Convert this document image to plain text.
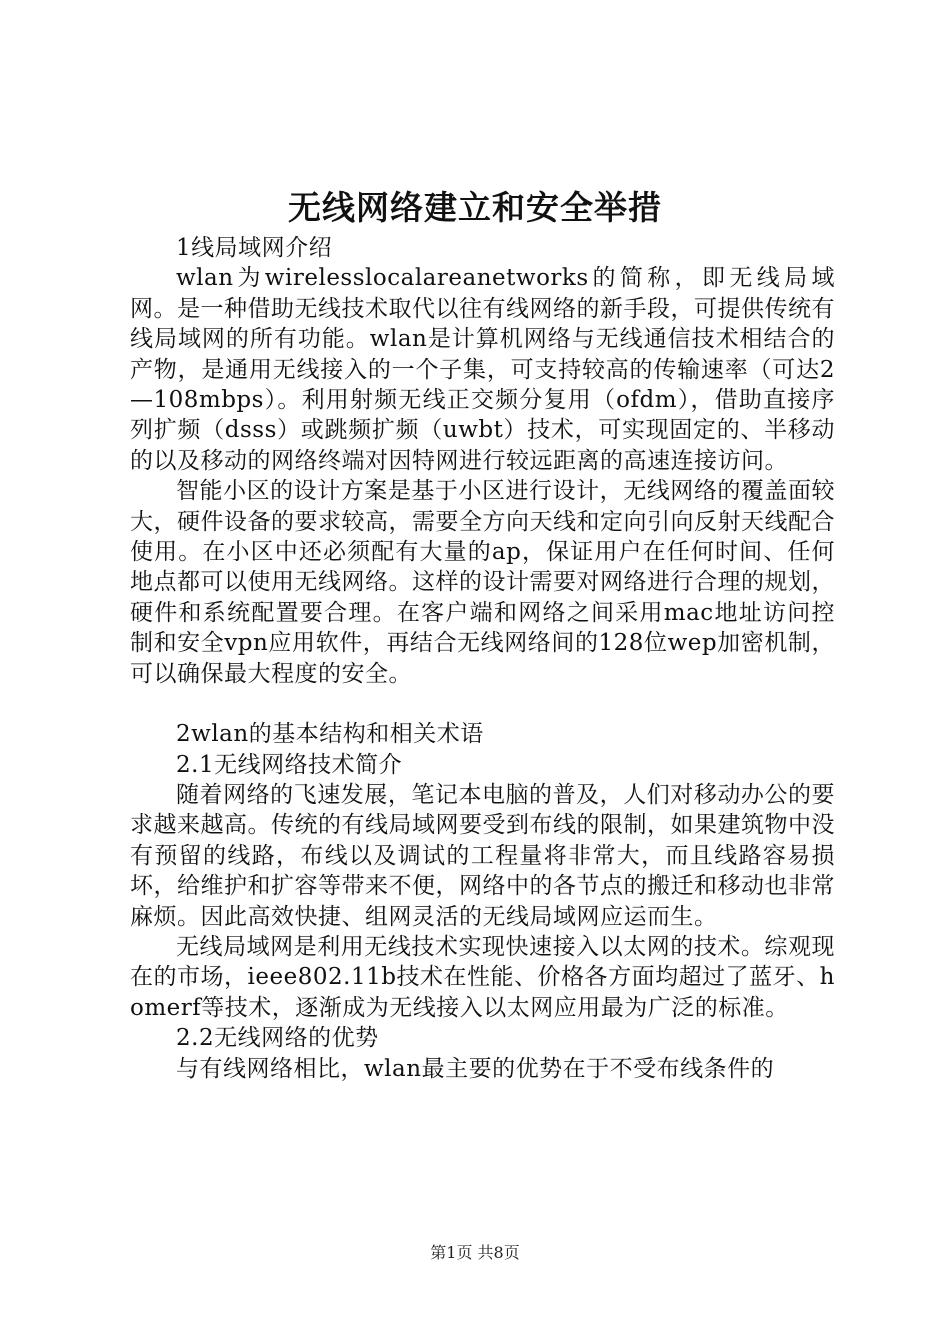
无线网络建立和安全举措

1线局域网介绍

wlan为wirelesslocalareanetworks的简称，即无线局域网。是一种借助无线技术取代以往有线网络的新手段，可提供传统有线局域网的所有功能。wlan是计算机网络与无线通信技术相结合的产物，是通用无线接入的一个子集，可支持较高的传输速率（可达2—108mbps）。利用射频无线正交频分复用（ofdm），借助直接序列扩频（dsss）或跳频扩频（uwbt）技术，可实现固定的、半移动的以及移动的网络终端对因特网进行较远距离的高速连接访问。

智能小区的设计方案是基于小区进行设计，无线网络的覆盖面较大，硬件设备的要求较高，需要全方向天线和定向引向反射天线配合使用。在小区中还必须配有大量的ap，保证用户在任何时间、任何地点都可以使用无线网络。这样的设计需要对网络进行合理的规划，硬件和系统配置要合理。在客户端和网络之间采用mac地址访问控制和安全vpn应用软件，再结合无线网络间的128位wep加密机制，可以确保最大程度的安全。

2wlan的基本结构和相关术语

2.1无线网络技术简介

随着网络的飞速发展，笔记本电脑的普及，人们对移动办公的要求越来越高。传统的有线局域网要受到布线的限制，如果建筑物中没有预留的线路，布线以及调试的工程量将非常大，而且线路容易损坏，给维护和扩容等带来不便，网络中的各节点的搬迁和移动也非常麻烦。因此高效快捷、组网灵活的无线局域网应运而生。

无线局域网是利用无线技术实现快速接入以太网的技术。综观现在的市场，ieee802.11b技术在性能、价格各方面均超过了蓝牙、homerf等技术，逐渐成为无线接入以太网应用最为广泛的标准。

2.2无线网络的优势

与有线网络相比，wlan最主要的优势在于不受布线条件的

第1页 共8页
